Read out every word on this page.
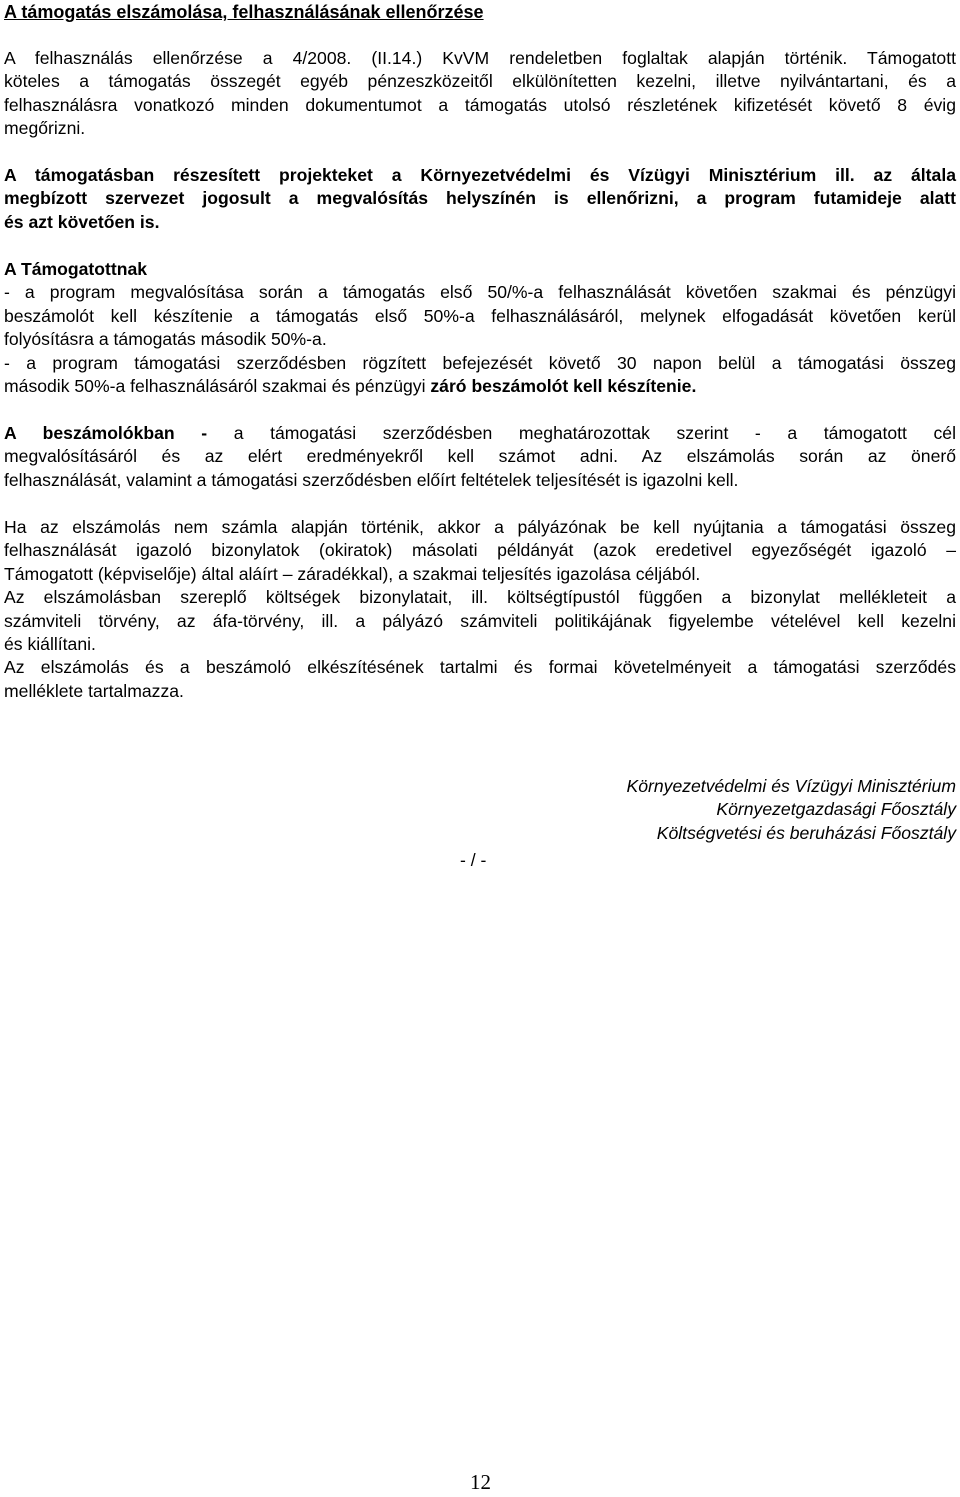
A támogatás elszámolása, felhasználásának ellenőrzése
A felhasználás ellenőrzése a 4/2008. (II.14.) KvVM rendeletben foglaltak alapján történik. Támogatott
köteles a támogatás összegét egyéb pénzeszközeitől elkülönítetten kezelni, illetve nyilvántartani, és a
felhasználásra vonatkozó minden dokumentumot a támogatás utolsó részletének kifizetését követő 8 évig
megőrizni.
A támogatásban részesített projekteket a Környezetvédelmi és Vízügyi Minisztérium ill. az általa
megbízott szervezet jogosult a megvalósítás helyszínén is ellenőrizni, a program futamideje alatt
és azt követően is.
A Támogatottnak
- a program megvalósítása során a támogatás első 50/%-a felhasználását követően szakmai és pénzügyi
beszámolót kell készítenie a támogatás első 50%-a felhasználásáról, melynek elfogadását követően kerül
folyósításra a támogatás második 50%-a.
- a program támogatási szerződésben rögzített befejezését követő 30 napon belül a támogatási összeg
második 50%-a felhasználásáról szakmai és pénzügyi záró beszámolót kell készítenie.
A beszámolókban - a támogatási szerződésben meghatározottak szerint - a támogatott cél
megvalósításáról és az elért eredményekről kell számot adni. Az elszámolás során az önerő
felhasználását, valamint a támogatási szerződésben előírt feltételek teljesítését is igazolni kell.
Ha az elszámolás nem számla alapján történik, akkor a pályázónak be kell nyújtania a támogatási összeg
felhasználását igazoló bizonylatok (okiratok) másolati példányát (azok eredetivel egyezőségét igazoló –
Támogatott (képviselője) által aláírt – záradékkal), a szakmai teljesítés igazolása céljából.
Az elszámolásban szereplő költségek bizonylatait, ill. költségtípustól függően a bizonylat mellékleteit a
számviteli törvény, az áfa-törvény, ill. a pályázó számviteli politikájának figyelembe vételével kell kezelni
és kiállítani.
Az elszámolás és a beszámoló elkészítésének tartalmi és formai követelményeit a támogatási szerződés
melléklete tartalmazza.
Környezetvédelmi és Vízügyi Minisztérium
Környezetgazdasági Főosztály
Költségvetési és beruházási Főosztály
- / -
12
